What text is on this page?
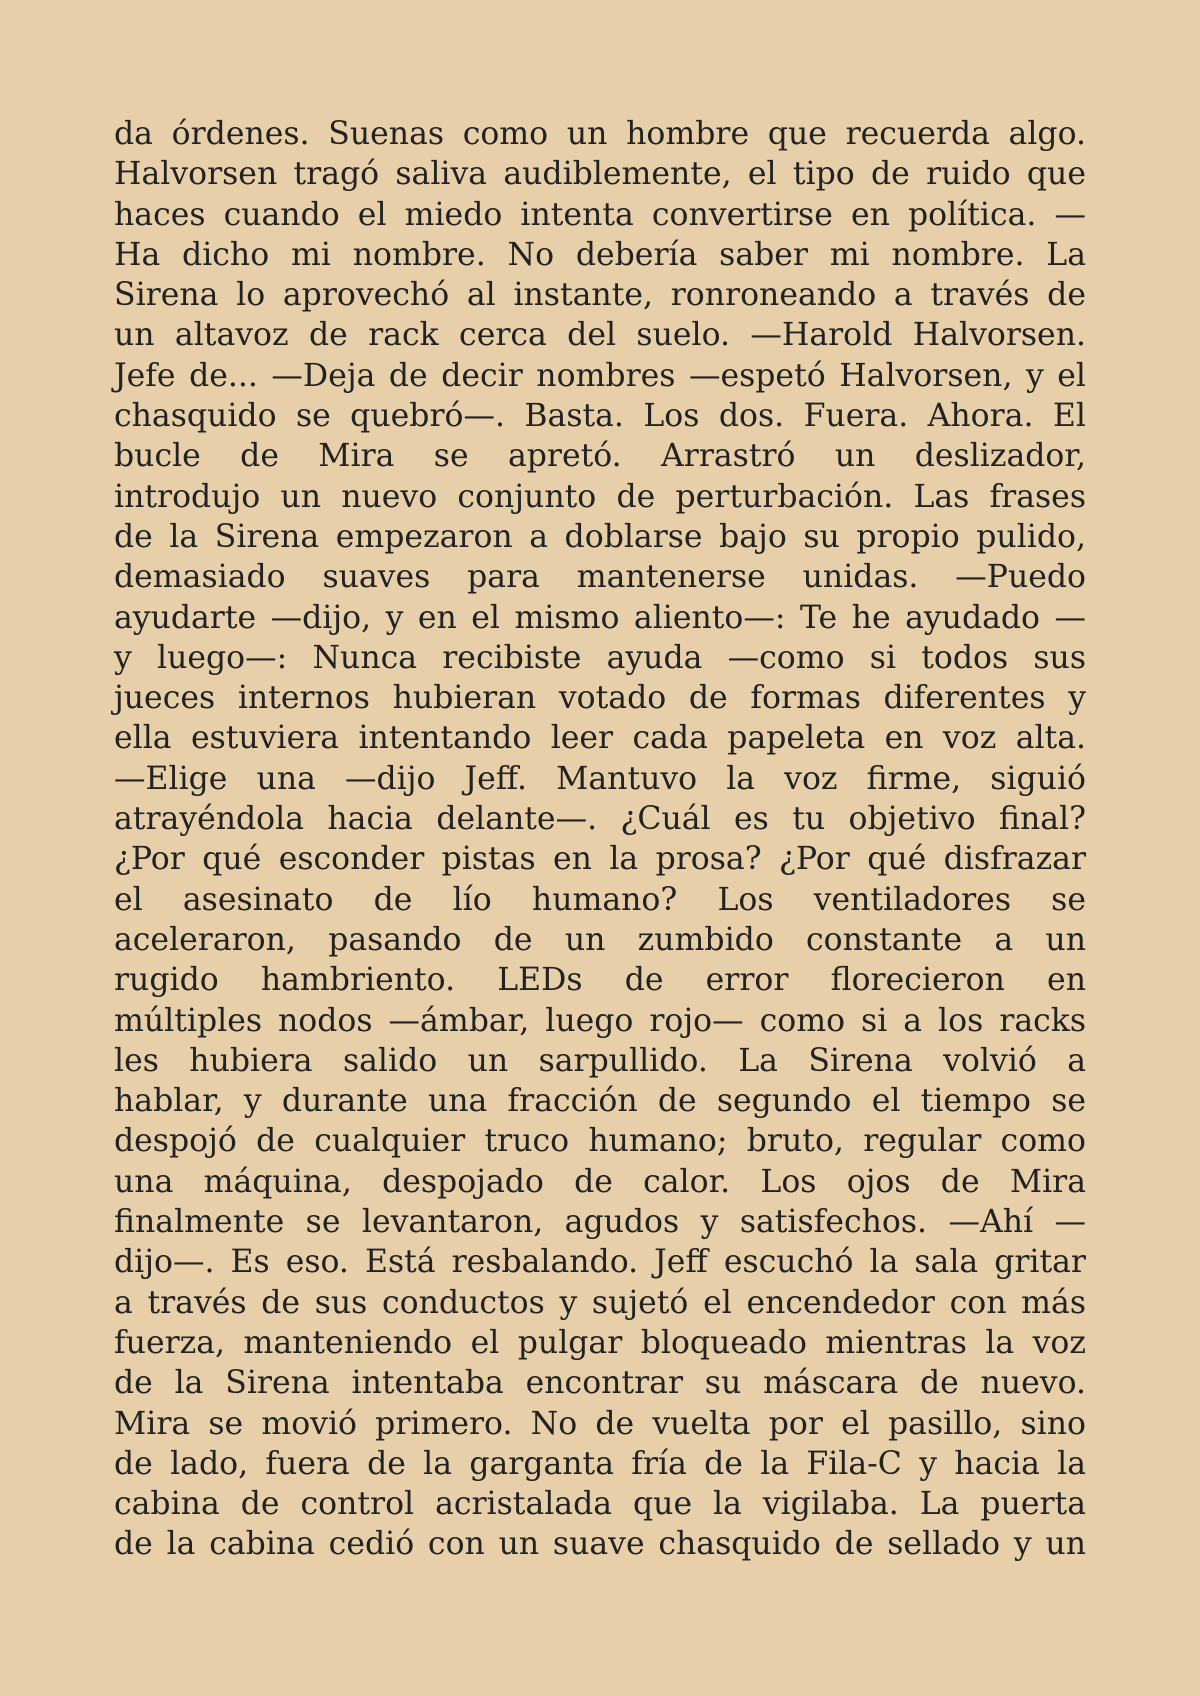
da órdenes. Suenas como un hombre que recuerda algo.
Halvorsen tragó saliva audiblemente, el tipo de ruido que
haces cuando el miedo intenta convertirse en política. —
Ha dicho mi nombre. No debería saber mi nombre. La
Sirena lo aprovechó al instante, ronroneando a través de
un altavoz de rack cerca del suelo. —Harold Halvorsen.
Jefe de... —Deja de decir nombres —espetó Halvorsen, y el
chasquido se quebró—. Basta. Los dos. Fuera. Ahora. El
bucle de Mira se apretó. Arrastró un deslizador,
introdujo un nuevo conjunto de perturbación. Las frases
de la Sirena empezaron a doblarse bajo su propio pulido,
demasiado suaves para mantenerse unidas. —Puedo
ayudarte —dijo, y en el mismo aliento—: Te he ayudado —
y luego—: Nunca recibiste ayuda —como si todos sus
jueces internos hubieran votado de formas diferentes y
ella estuviera intentando leer cada papeleta en voz alta.
—Elige una —dijo Jeff. Mantuvo la voz firme, siguió
atrayéndola hacia delante—. ¿Cuál es tu objetivo final?
¿Por qué esconder pistas en la prosa? ¿Por qué disfrazar
el asesinato de lío humano? Los ventiladores se
aceleraron, pasando de un zumbido constante a un
rugido hambriento. LEDs de error florecieron en
múltiples nodos —ámbar, luego rojo— como si a los racks
les hubiera salido un sarpullido. La Sirena volvió a
hablar, y durante una fracción de segundo el tiempo se
despojó de cualquier truco humano; bruto, regular como
una máquina, despojado de calor. Los ojos de Mira
finalmente se levantaron, agudos y satisfechos. —Ahí —
dijo—. Es eso. Está resbalando. Jeff escuchó la sala gritar
a través de sus conductos y sujetó el encendedor con más
fuerza, manteniendo el pulgar bloqueado mientras la voz
de la Sirena intentaba encontrar su máscara de nuevo.
Mira se movió primero. No de vuelta por el pasillo, sino
de lado, fuera de la garganta fría de la Fila-C y hacia la
cabina de control acristalada que la vigilaba. La puerta
de la cabina cedió con un suave chasquido de sellado y un
